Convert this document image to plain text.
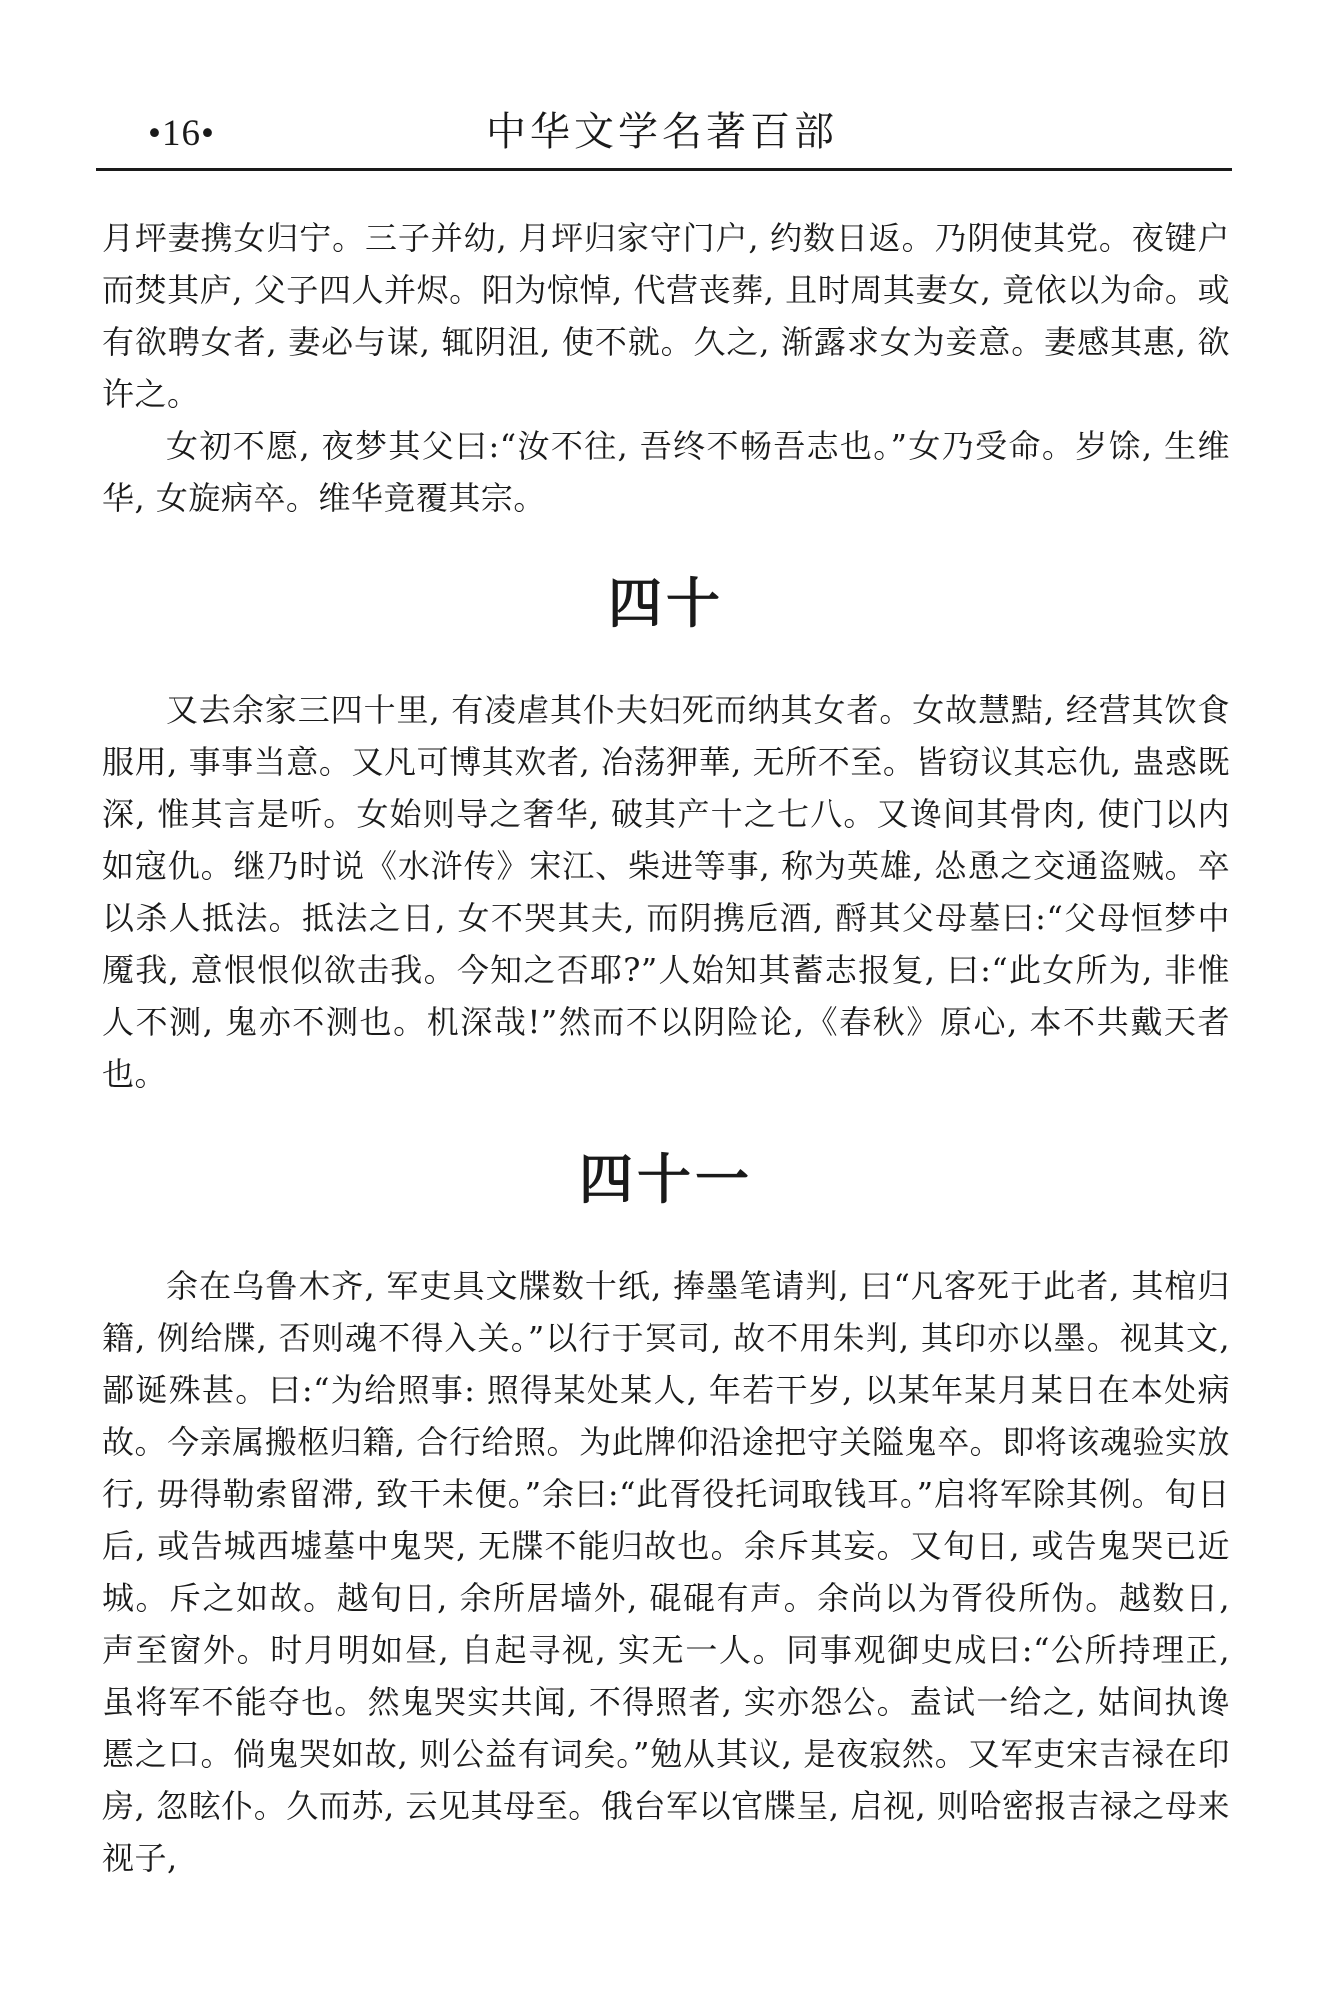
•16•	中华文学名著百部

月坪妻携女归宁。三子并幼, 月坪归家守门户, 约数日返。乃阴使其党。夜键户而焚其庐, 父子四人并烬。阳为惊悼, 代营丧葬, 且时周其妻女, 竟依以为命。或有欲聘女者, 妻必与谋, 辄阴沮, 使不就。久之, 渐露求女为妾意。妻感其惠, 欲许之。

女初不愿, 夜梦其父曰:“汝不往, 吾终不畅吾志也。”女乃受命。岁馀, 生维华, 女旋病卒。维华竟覆其宗。

四十

又去余家三四十里, 有凌虐其仆夫妇死而纳其女者。女故慧黠, 经营其饮食服用, 事事当意。又凡可博其欢者, 冶荡狎華, 无所不至。皆窃议其忘仇, 蛊惑既深, 惟其言是听。女始则导之奢华, 破其产十之七八。又谗间其骨肉, 使门以内如寇仇。继乃时说《水浒传》宋江、柴进等事, 称为英雄, 怂恿之交通盗贼。卒以杀人抵法。抵法之日, 女不哭其夫, 而阴携卮酒, 酹其父母墓曰:“父母恒梦中魇我, 意恨恨似欲击我。今知之否耶?”人始知其蓄志报复, 曰:“此女所为, 非惟人不测, 鬼亦不测也。机深哉!”然而不以阴险论,《春秋》原心, 本不共戴天者也。

四十一

余在乌鲁木齐, 军吏具文牒数十纸, 捧墨笔请判, 曰“凡客死于此者, 其棺归籍, 例给牒, 否则魂不得入关。”以行于冥司, 故不用朱判, 其印亦以墨。视其文, 鄙诞殊甚。曰:“为给照事: 照得某处某人, 年若干岁, 以某年某月某日在本处病故。今亲属搬柩归籍, 合行给照。为此牌仰沿途把守关隘鬼卒。即将该魂验实放行, 毋得勒索留滞, 致干未便。”余曰:“此胥役托词取钱耳。”启将军除其例。旬日后, 或告城西墟墓中鬼哭, 无牒不能归故也。余斥其妄。又旬日, 或告鬼哭已近城。斥之如故。越旬日, 余所居墙外, 䃂䃂有声。余尚以为胥役所伪。越数日, 声至窗外。时月明如昼, 自起寻视, 实无一人。同事观御史成曰:“公所持理正, 虽将军不能夺也。然鬼哭实共闻, 不得照者, 实亦怨公。盍试一给之, 姑间执谗慝之口。倘鬼哭如故, 则公益有词矣。”勉从其议, 是夜寂然。又军吏宋吉禄在印房, 忽眩仆。久而苏, 云见其母至。俄台军以官牒呈, 启视, 则哈密报吉禄之母来视子,
